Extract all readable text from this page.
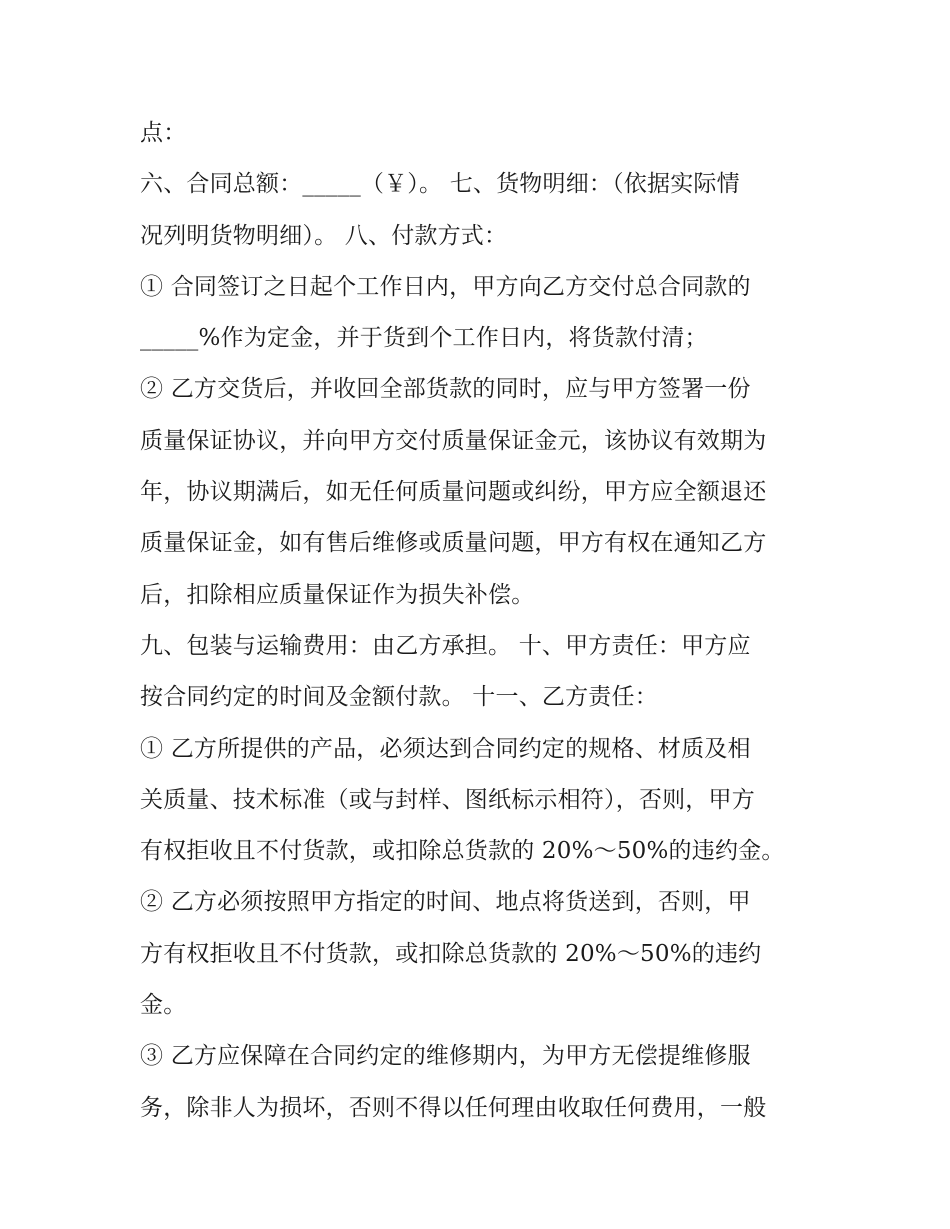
点：
六、合同总额：_____（￥）。 七、货物明细：（依据实际情
况列明货物明细）。 八、付款方式：
① 合同签订之日起个工作日内，甲方向乙方交付总合同款的
_____%作为定金，并于货到个工作日内，将货款付清；
② 乙方交货后，并收回全部货款的同时，应与甲方签署一份
质量保证协议，并向甲方交付质量保证金元，该协议有效期为
年，协议期满后，如无任何质量问题或纠纷，甲方应全额退还
质量保证金，如有售后维修或质量问题，甲方有权在通知乙方
后，扣除相应质量保证作为损失补偿。
九、包装与运输费用：由乙方承担。 十、甲方责任：甲方应
按合同约定的时间及金额付款。 十一、乙方责任：
① 乙方所提供的产品，必须达到合同约定的规格、材质及相
关质量、技术标准（或与封样、图纸标示相符），否则，甲方
有权拒收且不付货款，或扣除总货款的 20%～50%的违约金。
② 乙方必须按照甲方指定的时间、地点将货送到，否则，甲
方有权拒收且不付货款，或扣除总货款的 20%～50%的违约
金。
③ 乙方应保障在合同约定的维修期内，为甲方无偿提维修服
务，除非人为损坏，否则不得以任何理由收取任何费用，一般
